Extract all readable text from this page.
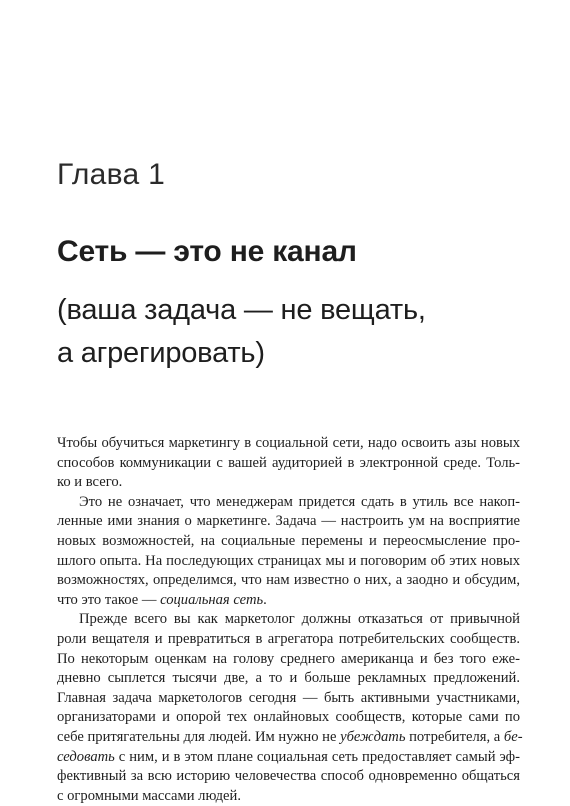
Глава 1
Сеть — это не канал
(ваша задача — не вещать,
а агрегировать)
Чтобы обучиться маркетингу в социальной сети, надо освоить азы новых
способов коммуникации с вашей аудиторией в электронной среде. Толь-
ко и всего.
Это не означает, что менеджерам придется сдать в утиль все накоп-
ленные ими знания о маркетинге. Задача — настроить ум на восприятие
новых возможностей, на социальные перемены и переосмысление про-
шлого опыта. На последующих страницах мы и поговорим об этих новых
возможностях, определимся, что нам известно о них, а заодно и обсудим,
что это такое — социальная сеть.
Прежде всего вы как маркетолог должны отказаться от привычной
роли вещателя и превратиться в агрегатора потребительских сообществ.
По некоторым оценкам на голову среднего американца и без того ежe-
дневно сыплется тысячи две, а то и больше рекламных предложений.
Главная задача маркетологов сегодня — быть активными участниками,
организаторами и опорой тех онлайновых сообществ, которые сами по
себе притягательны для людей. Им нужно не убеждать потребителя, а бе-
седовать с ним, и в этом плане социальная сеть предоставляет самый эф-
фективный за всю историю человечества способ одновременно общаться
с огромными массами людей.
